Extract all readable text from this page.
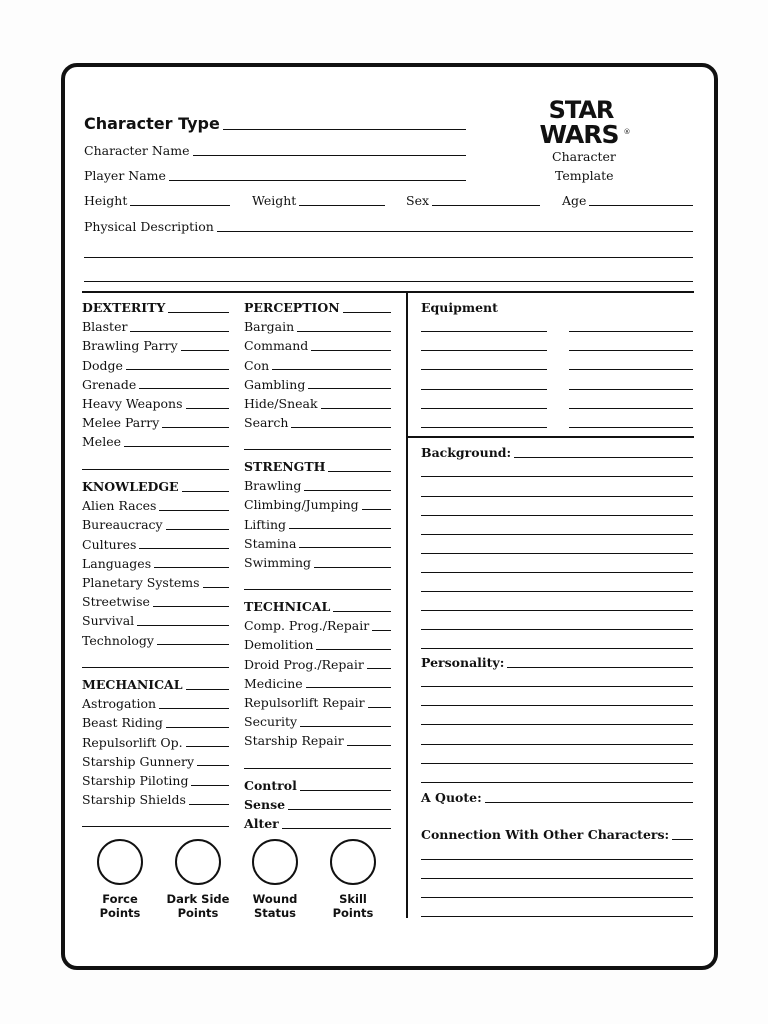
STAR
WARS ®
Character
Template
Character Type
Character Name
Player Name
Height	Weight	Sex	Age
Physical Description
Equipment
Background:
Personality:
A Quote:
Connection With Other Characters:
DEXTERITY
Blaster
Brawling Parry
Dodge
Grenade
Heavy Weapons
Melee Parry
Melee
KNOWLEDGE
Alien Races
Bureaucracy
Cultures
Languages
Planetary Systems
Streetwise
Survival
Technology
MECHANICAL
Astrogation
Beast Riding
Repulsorlift Op.
Starship Gunnery
Starship Piloting
Starship Shields
PERCEPTION
Bargain
Command
Con
Gambling
Hide/Sneak
Search
STRENGTH
Brawling
Climbing/Jumping
Lifting
Stamina
Swimming
TECHNICAL
Comp. Prog./Repair
Demolition
Droid Prog./Repair
Medicine
Repulsorlift Repair
Security
Starship Repair
Control
Sense
Alter
Force
Points
Dark Side
Points
Wound
Status
Skill
Points
